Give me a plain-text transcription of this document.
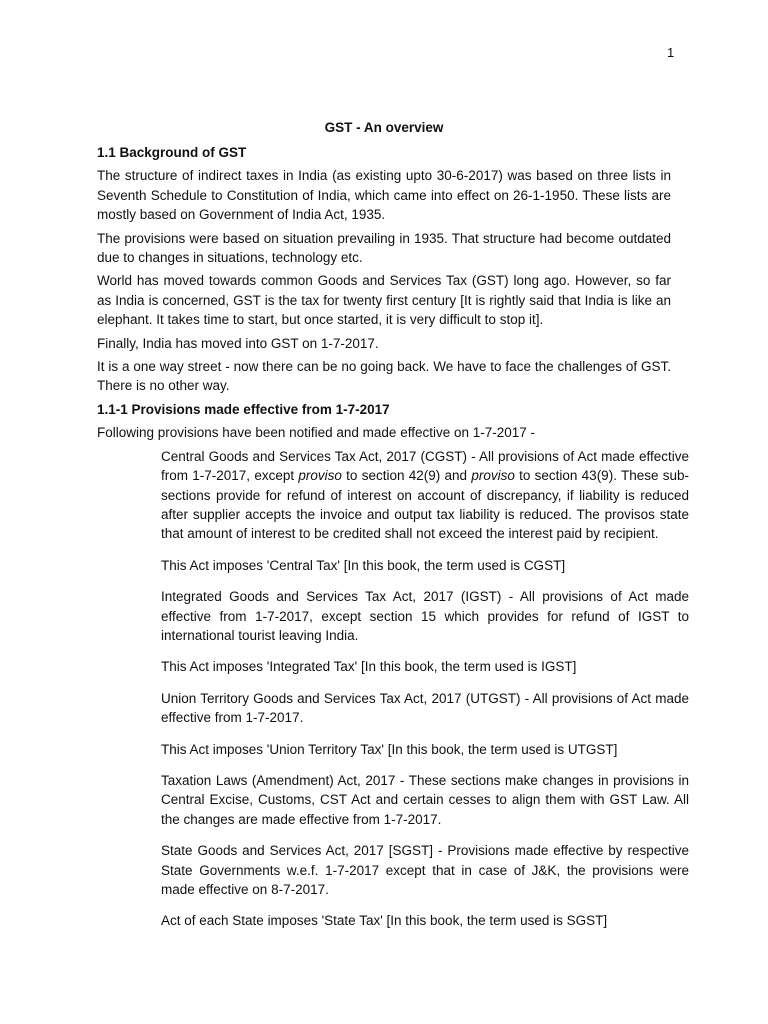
1
GST - An overview
1.1 Background of GST

The structure of indirect taxes in India (as existing upto 30-6-2017) was based on three lists in Seventh Schedule to Constitution of India, which came into effect on 26-1-1950. These lists are mostly based on Government of India Act, 1935.

The provisions were based on situation prevailing in 1935. That structure had become outdated due to changes in situations, technology etc.

World has moved towards common Goods and Services Tax (GST) long ago. However, so far as India is concerned, GST is the tax for twenty first century [It is rightly said that India is like an elephant. It takes time to start, but once started, it is very difficult to stop it].

Finally, India has moved into GST on 1-7-2017.

It is a one way street - now there can be no going back. We have to face the challenges of GST. There is no other way.

1.1-1 Provisions made effective from 1-7-2017

Following provisions have been notified and made effective on 1-7-2017 -

Central Goods and Services Tax Act, 2017 (CGST) - All provisions of Act made effective from 1-7-2017, except proviso to section 42(9) and proviso to section 43(9). These sub-sections provide for refund of interest on account of discrepancy, if liability is reduced after supplier accepts the invoice and output tax liability is reduced. The provisos state that amount of interest to be credited shall not exceed the interest paid by recipient.

This Act imposes 'Central Tax' [In this book, the term used is CGST]

Integrated Goods and Services Tax Act, 2017 (IGST) - All provisions of Act made effective from 1-7-2017, except section 15 which provides for refund of IGST to international tourist leaving India.

This Act imposes 'Integrated Tax' [In this book, the term used is IGST]

Union Territory Goods and Services Tax Act, 2017 (UTGST) - All provisions of Act made effective from 1-7-2017.

This Act imposes 'Union Territory Tax' [In this book, the term used is UTGST]

Taxation Laws (Amendment) Act, 2017 - These sections make changes in provisions in Central Excise, Customs, CST Act and certain cesses to align them with GST Law. All the changes are made effective from 1-7-2017.

State Goods and Services Act, 2017 [SGST] - Provisions made effective by respective State Governments w.e.f. 1-7-2017 except that in case of J&K, the provisions were made effective on 8-7-2017.

Act of each State imposes 'State Tax' [In this book, the term used is SGST]
